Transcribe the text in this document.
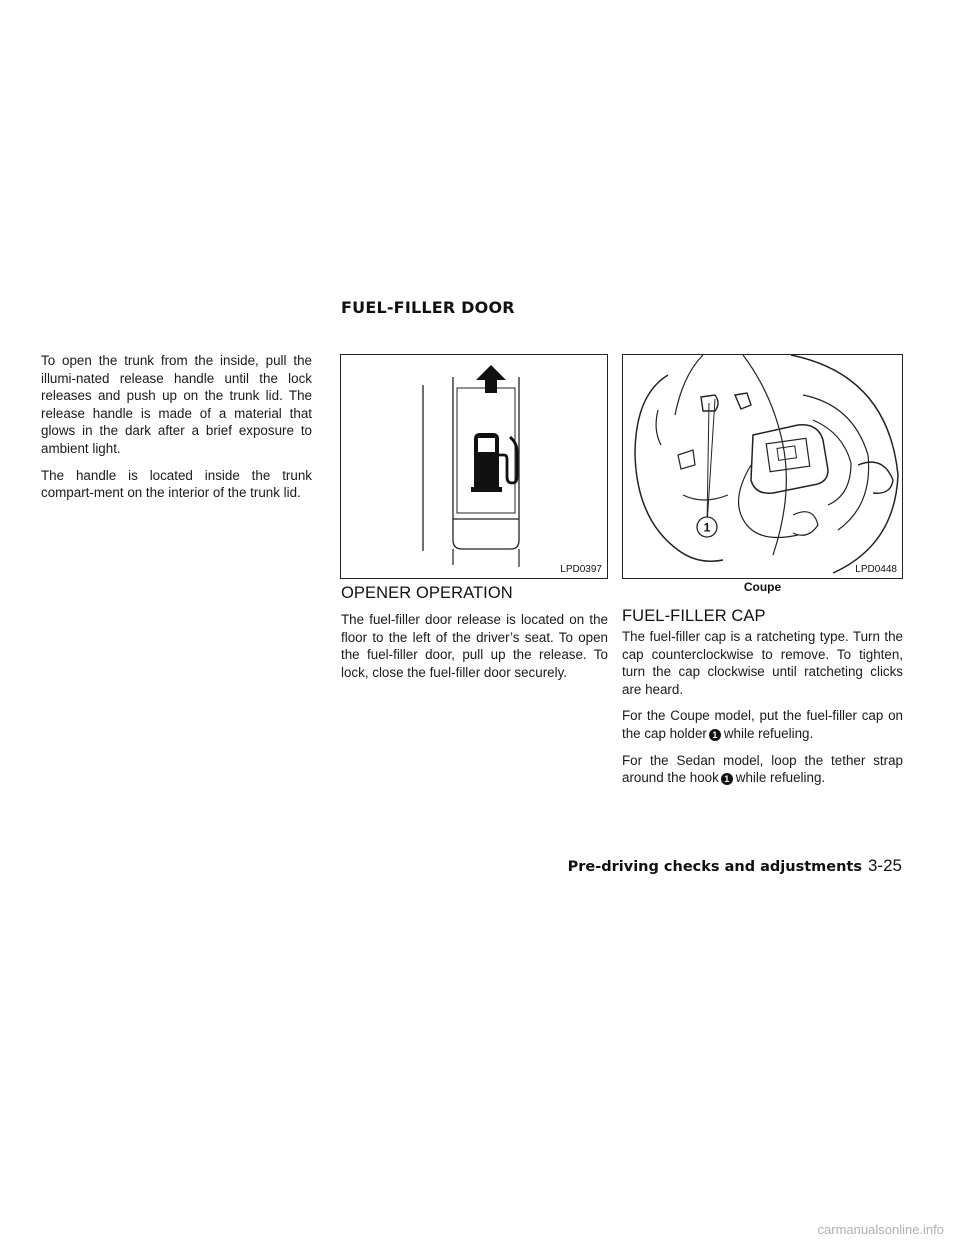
FUEL-FILLER DOOR

To open the trunk from the inside, pull the illumi-nated release handle until the lock releases and push up on the trunk lid. The release handle is made of a material that glows in the dark after a brief exposure to ambient light.

The handle is located inside the trunk compart-ment on the interior of the trunk lid.

LPD0397
1
LPD0448
Coupe
OPENER OPERATION

The fuel-filler door release is located on the floor to the left of the driver’s seat. To open the fuel-filler door, pull up the release. To lock, close the fuel-filler door securely.

FUEL-FILLER CAP

The fuel-filler cap is a ratcheting type. Turn the cap counterclockwise to remove. To tighten, turn the cap clockwise until ratcheting clicks are heard.

For the Coupe model, put the fuel-filler cap on the cap holder 1 while refueling.

For the Sedan model, loop the tether strap around the hook 1 while refueling.

Pre-driving checks and adjustments 3-25
carmanualsonline.info
